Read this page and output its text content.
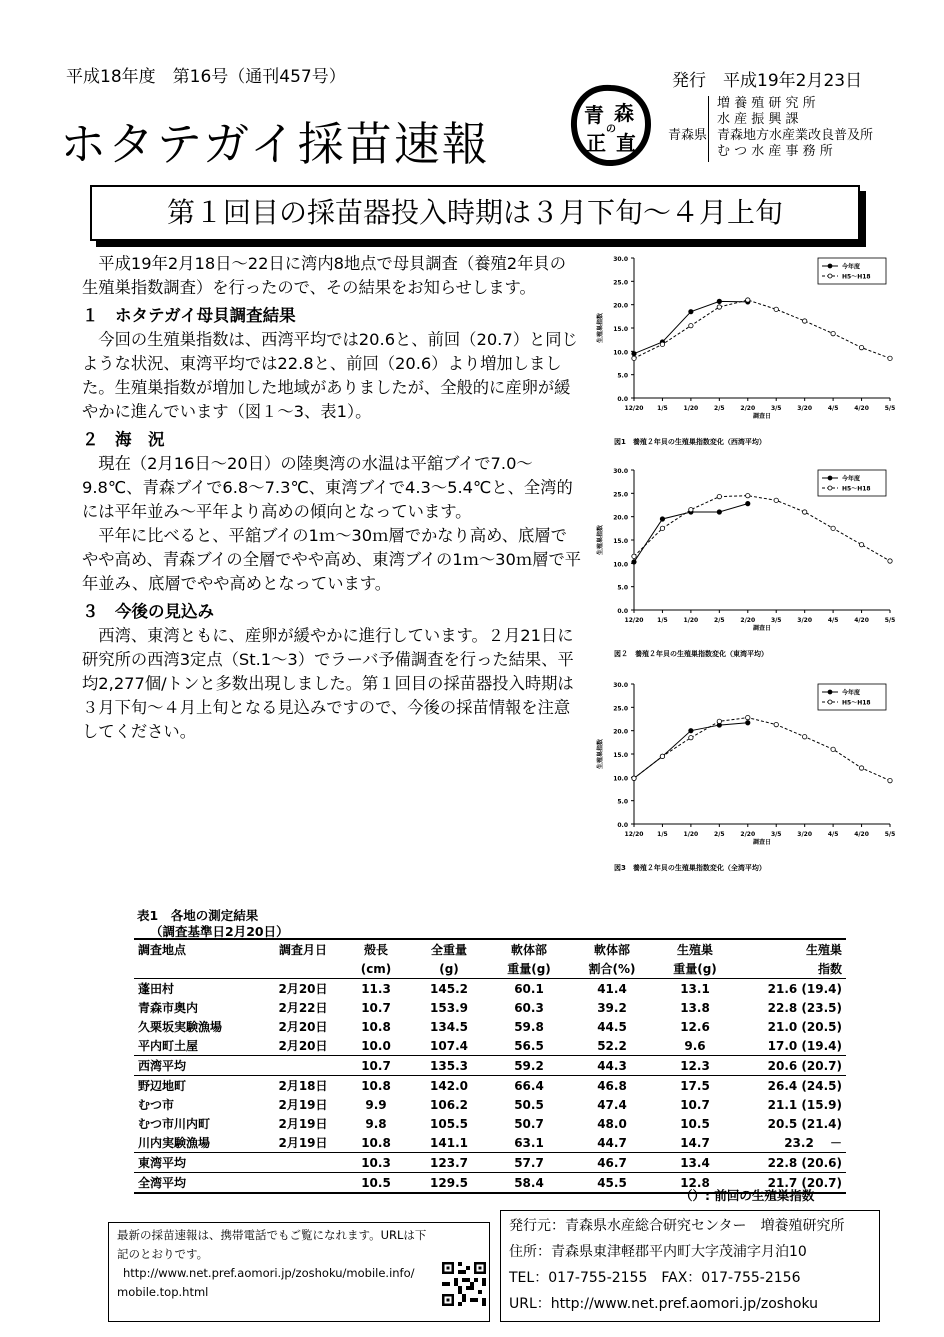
平成18年度　第16号（通刊457号）	発行　平成19年2月23日
ホタテガイ採苗速報
青 森
の
正 直 青森県
増 養 殖 研 究 所
水 産 振 興 課
青森地方水産業改良普及所
む つ 水 産 事 務 所
第１回目の採苗器投入時期は３月下旬～４月上旬

平成19年2月18日～22日に湾内8地点で母貝調査（養殖2年貝の生殖巣指数調査）を行ったので、その結果をお知らせします。

１　ホタテガイ母貝調査結果

今回の生殖巣指数は、西湾平均では20.6と、前回（20.7）と同じような状況、東湾平均では22.8と、前回（20.6）より増加しました。生殖巣指数が増加した地域がありましたが、全般的に産卵が緩やかに進んでいます（図１～3、表1）。

２　海　況

現在（2月16日～20日）の陸奥湾の水温は平舘ブイで7.0～9.8℃、青森ブイで6.8～7.3℃、東湾ブイで4.3～5.4℃と、全湾的には平年並み～平年より高めの傾向となっています。

平年に比べると、平舘ブイの1ｍ～30ｍ層でかなり高め、底層でやや高め、青森ブイの全層でやや高め、東湾ブイの1ｍ～30ｍ層で平年並み、底層でやや高めとなっています。

３　今後の見込み

西湾、東湾ともに、産卵が緩やかに進行しています。２月21日に研究所の西湾3定点（St.1～3）でラーバ予備調査を行った結果、平均2,277個/トンと多数出現しました。第１回目の採苗器投入時期は３月下旬～４月上旬となる見込みですので、今後の採苗情報を注意してください。

0.0
5.0
10.0
15.0
20.0
25.0
30.0
12/20 1/5	1/20	2/5	2/20	3/5	3/20	4/5	4/20	5/5
調査日
生殖巣指数
今年度
H5～H18
図1　養殖２年貝の生殖巣指数変化（西湾平均）
0.0
5.0
10.0
15.0
20.0
25.0
30.0
12/20 1/5	1/20	2/5	2/20	3/5	3/20	4/5	4/20	5/5
調査日
生殖巣指数
今年度
H5～H18
図２　養殖２年貝の生殖巣指数変化（東湾平均）
0.0
5.0
10.0
15.0
20.0
25.0
30.0
12/20 1/5	1/20	2/5	2/20	3/5	3/20	4/5	4/20	5/5
調査日
生殖巣指数
今年度
H5～H18
図3　養殖２年貝の生殖巣指数変化（全湾平均）
表1　各地の測定結果
（調査基準日2月20日）
調査地点	調査月日	殻長	全重量	軟体部	軟体部	生殖巣	生殖巣
		(cm)	(g)	重量(g)	割合(%)	重量(g)	指数
蓬田村	2月20日	11.3	145.2	60.1	41.4	13.1	21.6 (19.4)
青森市奥内	2月22日	10.7	153.9	60.3	39.2	13.8	22.8 (23.5)
久栗坂実験漁場	2月20日	10.8	134.5	59.8	44.5	12.6	21.0 (20.5)
平内町土屋	2月20日	10.0	107.4	56.5	52.2	9.6	17.0 (19.4)
西湾平均		10.7	135.3	59.2	44.3	12.3	20.6 (20.7)
野辺地町	2月18日	10.8	142.0	66.4	46.8	17.5	26.4 (24.5)
むつ市	2月19日	9.9	106.2	50.5	47.4	10.7	21.1 (15.9)
むつ市川内町	2月19日	9.8	105.5	50.7	48.0	10.5	20.5 (21.4)
川内実験漁場	2月19日	10.8	141.1	63.1	44.7	14.7	23.2　 －
東湾平均		10.3	123.7	57.7	46.7	13.4	22.8 (20.6)
全湾平均		10.5	129.5	58.4	45.5	12.8	21.7 (20.7)
（）: 前回の生殖巣指数
最新の採苗速報は、携帯電話でもご覧になれます。URLは下
記のとおりです。
http://www.net.pref.aomori.jp/zoshoku/mobile.info/
mobile.top.html
発行元：青森県水産総合研究センター　増養殖研究所
住所：青森県東津軽郡平内町大字茂浦字月泊10
TEL：017-755-2155　FAX：017-755-2156
URL：http://www.net.pref.aomori.jp/zoshoku
